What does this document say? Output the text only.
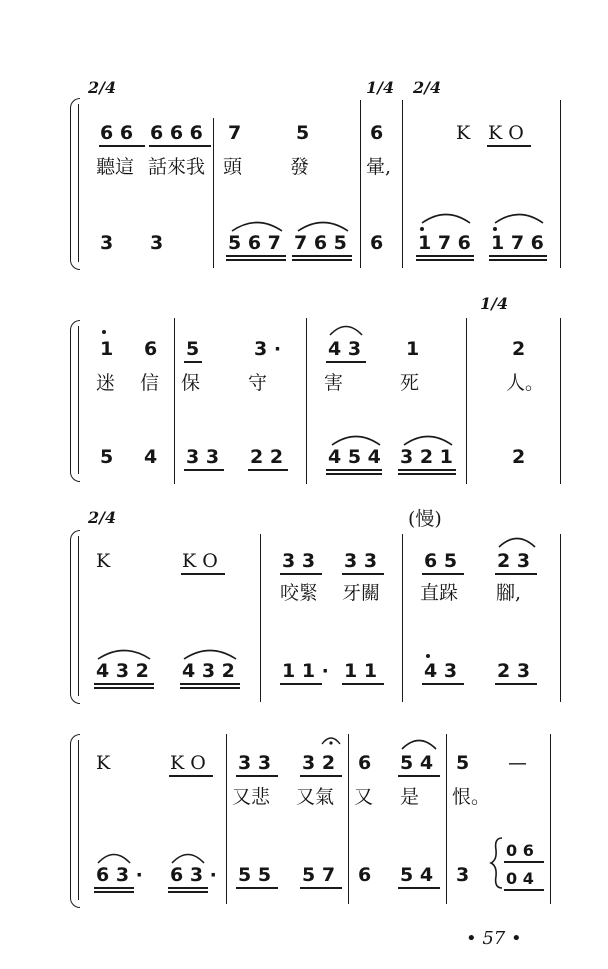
2/4	1/4 2/4
6 6 6 6 6 7	5	6	K K O
聽這 話來我 頭	發	暈,
3 3	5 6 7 7 6 5 6 1 7 6 1 7 6
1/4
1 6 5	3 · 4 3 1	2
迷 信 保	守	害	死	人。
5 4 3 3 2 2 4 5 4 3 2 1	2
2/4	(慢)
K	K O	3 3 3 3 6 5 2 3
咬緊 牙關 直跺 腳,
4 3 2 4 3 2 1 1 · 1 1 4 3 2 3
K	K O 3 3 3 2 6 5 4 5 —
又悲 又氣 又 是 恨。
6 3 · 6 3 · 5 5 5 7 6 5 4 3
0 6
0 4
• 57 •
